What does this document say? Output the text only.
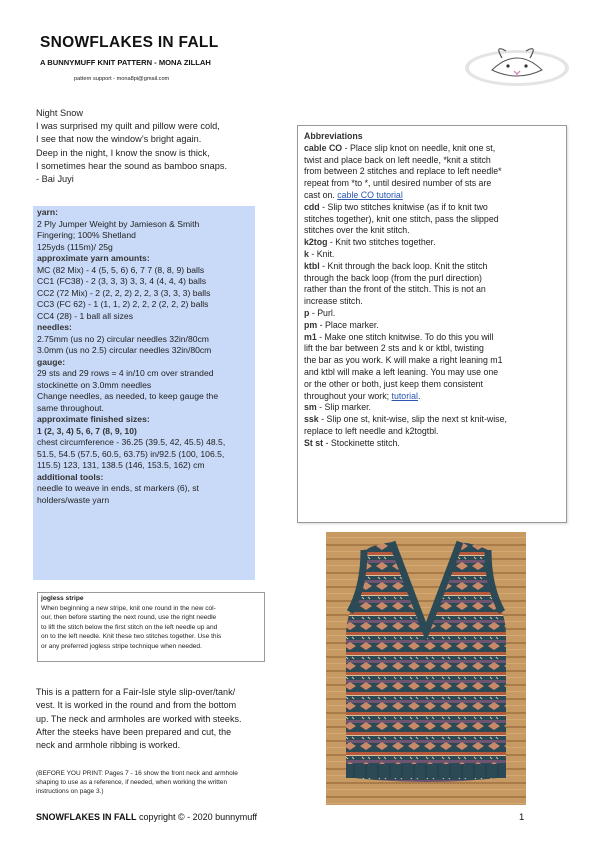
SNOWFLAKES IN FALL
A BUNNYMUFF KNIT PATTERN - MONA ZILLAH
pattern support - mona8pi@gmail.com
Night Snow
I was surprised my quilt and pillow were cold,
I see that now the window’s bright again.
Deep in the night, I know the snow is thick,
I sometimes hear the sound as bamboo snaps.
- Bai Juyi
yarn:
2 Ply Jumper Weight by Jamieson & Smith
Fingering; 100% Shetland
125yds (115m)/ 25g
approximate yarn amounts:
MC (82 Mix) - 4 (5, 5, 6) 6, 7 7 (8, 8, 9) balls
CC1 (FC38) - 2 (3, 3, 3) 3, 3, 4 (4, 4, 4) balls
CC2 (72 Mix) - 2 (2, 2, 2) 2, 2, 3 (3, 3, 3) balls
CC3 (FC 62) - 1 (1, 1, 2) 2, 2, 2 (2, 2, 2) balls
CC4 (28) - 1 ball all sizes
needles:
2.75mm (us no 2) circular needles 32in/80cm
3.0mm (us no 2.5) circular needles 32in/80cm
gauge:
29 sts and 29 rows = 4 in/10 cm over stranded
stockinette on 3.0mm needles
Change needles, as needed, to keep gauge the
same throughout.
approximate finished sizes:
1 (2, 3, 4) 5, 6, 7 (8, 9, 10)
chest circumference - 36.25 (39.5, 42, 45.5) 48.5,
51.5, 54.5 (57.5, 60.5, 63.75) in/92.5 (100, 106.5,
115.5) 123, 131, 138.5 (146, 153.5, 162) cm
additional tools:
needle to weave in ends, st markers (6), st
holders/waste yarn
jogless stripe
When beginning a new stripe, knit one round in the new col-
our, then before starting the next round, use the right needle
to lift the stitch below the first stitch on the left needle up and
on to the left needle. Knit these two stitches together. Use this
or any preferred jogless stripe technique when needed.
This is a pattern for a Fair-Isle style slip-over/tank/
vest. It is worked in the round and from the bottom
up. The neck and armholes are worked with steeks.
After the steeks have been prepared and cut, the
neck and armhole ribbing is worked.
(BEFORE YOU PRINT: Pages 7 - 16 show the front neck and armhole
shaping to use as a reference, if needed, when working the written
instructions on page 3.)
Abbreviations
cable CO - Place slip knot on needle, knit one st,
twist and place back on left needle, *knit a stitch
from between 2 stitches and replace to left needle*
repeat from *to *, until desired number of sts are
cast on. cable CO tutorial
cdd - Slip two stitches knitwise (as if to knit two
stitches together), knit one stitch, pass the slipped
stitches over the knit stitch.
k2tog - Knit two stitches together.
k - Knit.
ktbl - Knit through the back loop. Knit the stitch
through the back loop (from the purl direction)
rather than the front of the stitch. This is not an
increase stitch.
p - Purl.
pm - Place marker.
m1 - Make one stitch knitwise. To do this you will
lift the bar between 2 sts and k or ktbl, twisting
the bar as you work. K will make a right leaning m1
and ktbl will make a left leaning. You may use one
or the other or both, just keep them consistent
throughout your work; tutorial.
sm - Slip marker.
ssk - Slip one st, knit-wise, slip the next st knit-wise,
replace to left needle and k2togtbl.
St st - Stockinette stitch.
SNOWFLAKES IN FALL copyright © - 2020 bunnymuff	1
